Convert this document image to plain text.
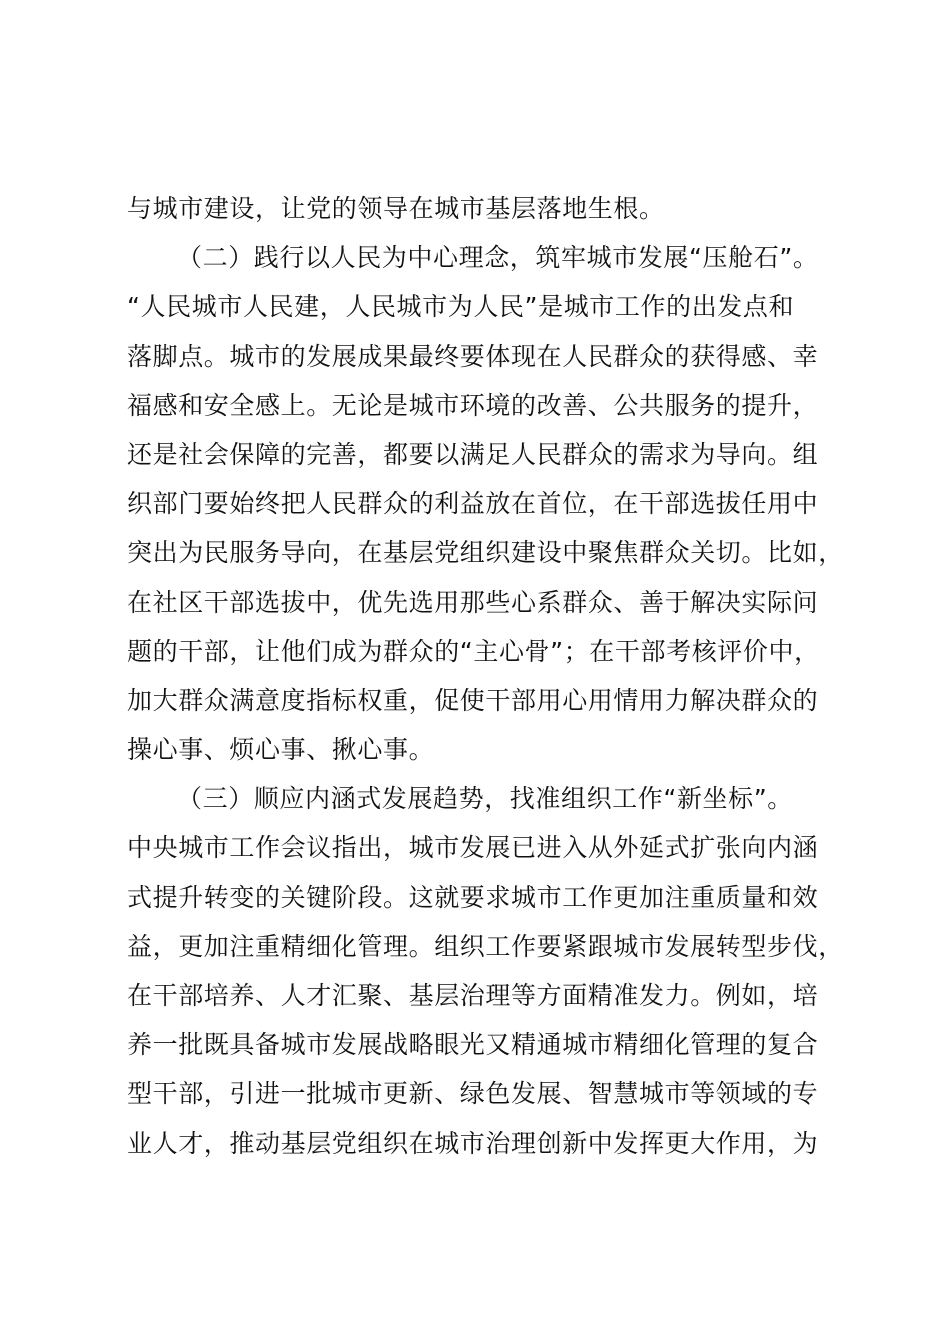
与城市建设，让党的领导在城市基层落地生根。
（二）践行以人民为中心理念，筑牢城市发展“压舱石”。
“人民城市人民建，人民城市为人民”是城市工作的出发点和
落脚点。城市的发展成果最终要体现在人民群众的获得感、幸
福感和安全感上。无论是城市环境的改善、公共服务的提升，
还是社会保障的完善，都要以满足人民群众的需求为导向。组
织部门要始终把人民群众的利益放在首位，在干部选拔任用中
突出为民服务导向，在基层党组织建设中聚焦群众关切。比如，
在社区干部选拔中，优先选用那些心系群众、善于解决实际问
题的干部，让他们成为群众的“主心骨”；在干部考核评价中，
加大群众满意度指标权重，促使干部用心用情用力解决群众的
操心事、烦心事、揪心事。
（三）顺应内涵式发展趋势，找准组织工作“新坐标”。
中央城市工作会议指出，城市发展已进入从外延式扩张向内涵
式提升转变的关键阶段。这就要求城市工作更加注重质量和效
益，更加注重精细化管理。组织工作要紧跟城市发展转型步伐，
在干部培养、人才汇聚、基层治理等方面精准发力。例如，培
养一批既具备城市发展战略眼光又精通城市精细化管理的复合
型干部，引进一批城市更新、绿色发展、智慧城市等领域的专
业人才，推动基层党组织在城市治理创新中发挥更大作用，为
